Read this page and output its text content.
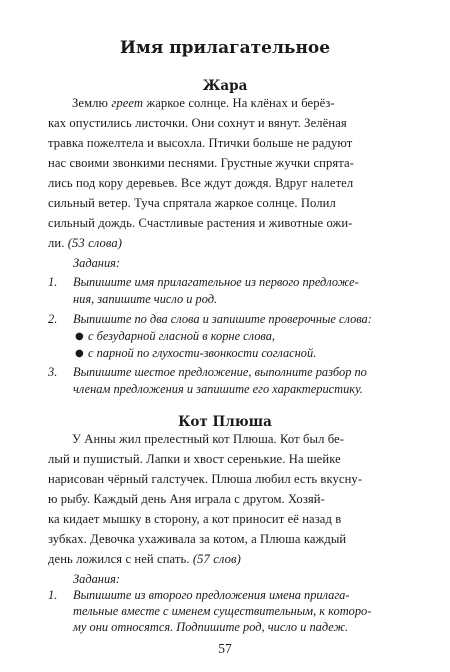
Имя прилагательное
Жара
Землю греет жаркое солнце. На клёнах и берёз-
ках опустились листочки. Они сохнут и вянут. Зелёная
травка пожелтела и высохла. Птички больше не радуют
нас своими звонкими песнями. Грустные жучки спрята-
лись под кору деревьев. Все ждут дождя. Вдруг налетел
сильный ветер. Туча спрятала жаркое солнце. Полил
сильный дождь. Счастливые растения и животные ожи-
ли. (53 слова)
Задания:
1.	Выпишите имя прилагательное из первого предложе-
ния, запишите число и род.
2.	Выпишите по два слова и запишите проверочные слова:
● с безударной гласной в корне слова,
● с парной по глухости-звонкости согласной.
3.	Выпишите шестое предложение, выполните разбор по
членам предложения и запишите его характеристику.
Кот Плюша
У Анны жил прелестный кот Плюша. Кот был бе-
лый и пушистый. Лапки и хвост серенькие. На шейке
нарисован чёрный галстучек. Плюша любил есть вкусну-
ю рыбу. Каждый день Аня играла с другом. Хозяй-
ка кидает мышку в сторону, а кот приносит её назад в
зубках. Девочка ухаживала за котом, а Плюша каждый
день ложился с ней спать. (57 слов)
Задания:
1.	Выпишите из второго предложения имена прилага-
тельные вместе с именем существительным, к которо-
му они относятся. Подпишите род, число и падеж.
57
